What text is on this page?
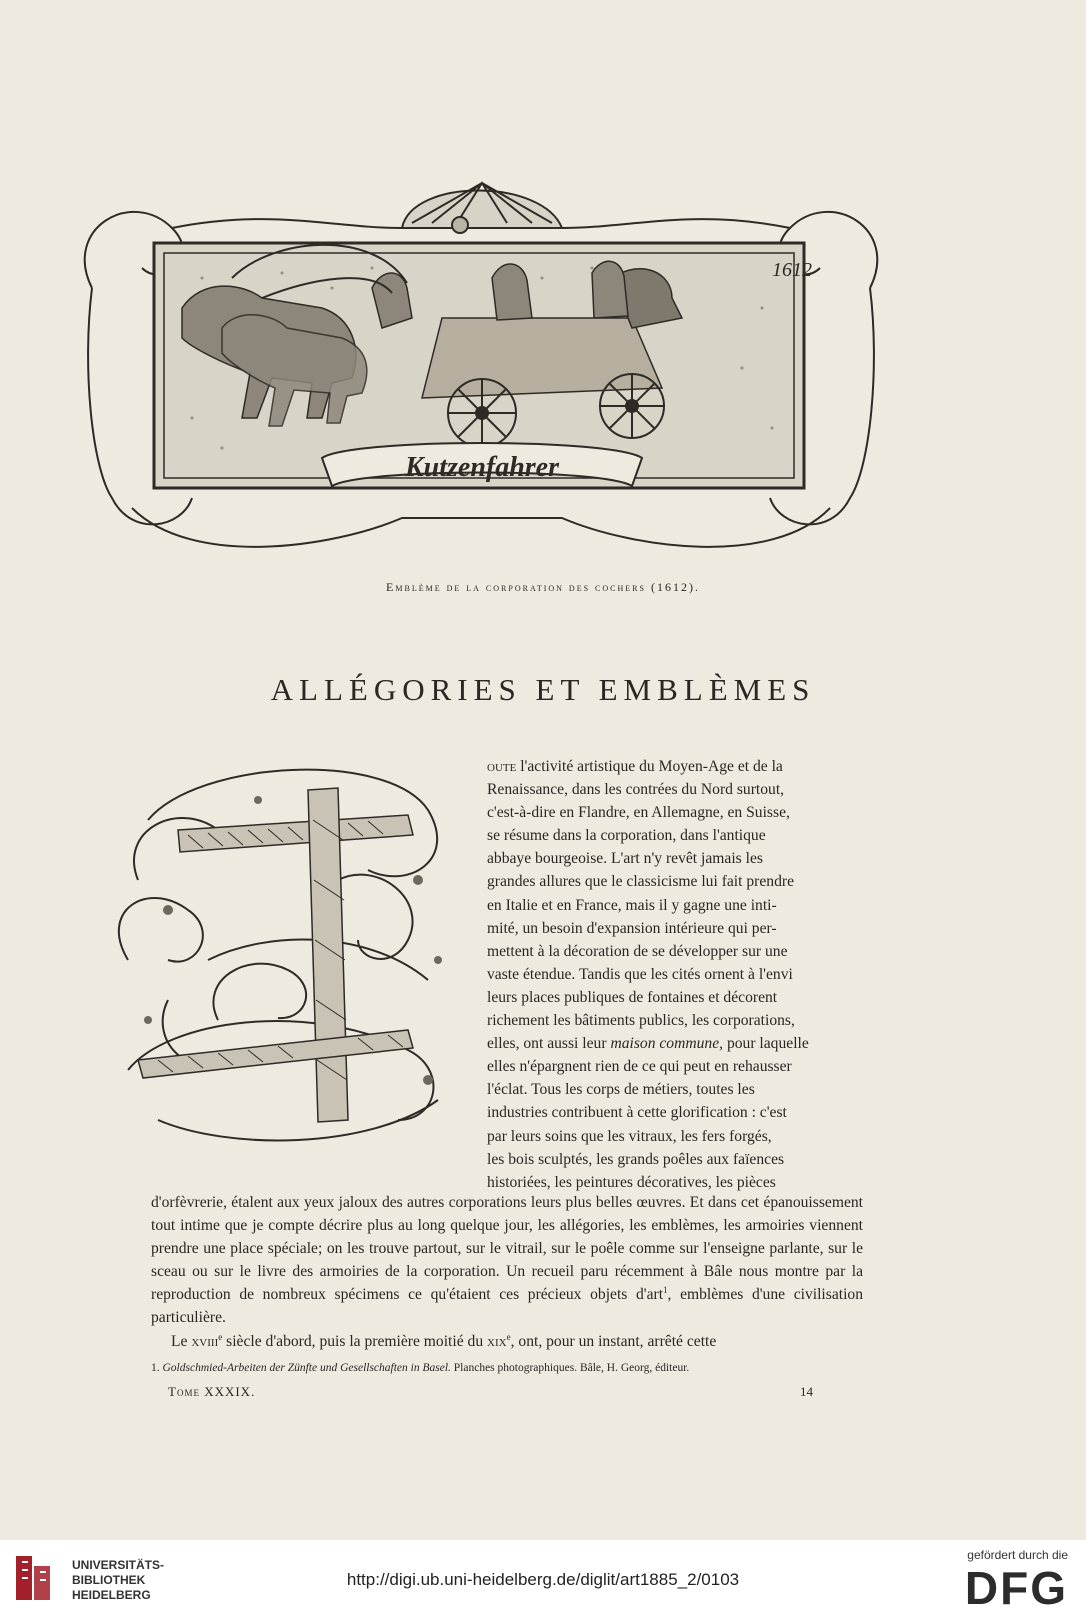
1612
Kutzenfahrer
Emblème de la corporation des cochers (1612).
ALLÉGORIES ET EMBLÈMES

oute l'activité artistique du Moyen-Age et de la

Renaissance, dans les contrées du Nord surtout,

c'est-à-dire en Flandre, en Allemagne, en Suisse,

se résume dans la corporation, dans l'antique

abbaye bourgeoise. L'art n'y revêt jamais les

grandes allures que le classicisme lui fait prendre

en Italie et en France, mais il y gagne une inti-

mité, un besoin d'expansion intérieure qui per-

mettent à la décoration de se développer sur une

vaste étendue. Tandis que les cités ornent à l'envi

leurs places publiques de fontaines et décorent

richement les bâtiments publics, les corporations,

elles, ont aussi leur maison commune, pour laquelle

elles n'épargnent rien de ce qui peut en rehausser

l'éclat. Tous les corps de métiers, toutes les

industries contribuent à cette glorification : c'est

par leurs soins que les vitraux, les fers forgés,

les bois sculptés, les grands poêles aux faïences

historiées, les peintures décoratives, les pièces

d'orfèvrerie, étalent aux yeux jaloux des autres corporations leurs plus belles œuvres. Et dans cet épanouissement tout intime que je compte décrire plus au long quelque jour, les allégories, les emblèmes, les armoiries viennent prendre une place spéciale; on les trouve partout, sur le vitrail, sur le poêle comme sur l'enseigne parlante, sur le sceau ou sur le livre des armoiries de la corporation. Un recueil paru récemment à Bâle nous montre par la reproduction de nombreux spécimens ce qu'étaient ces précieux objets d'art$^1$, emblèmes d'une civilisation particulière.

Le xviii$^e$ siècle d'abord, puis la première moitié du xix$^e$, ont, pour un instant, arrêté cette

1. Goldschmied-Arbeiten der Zünfte und Gesellschaften in Basel. Planches photographiques. Bâle, H. Georg, éditeur.
Tome XXXIX.	14
UNIVERSITÄTS-
BIBLIOTHEK
HEIDELBERG
http://digi.ub.uni-heidelberg.de/diglit/art1885_2/0103
gefördert durch die
DFG
